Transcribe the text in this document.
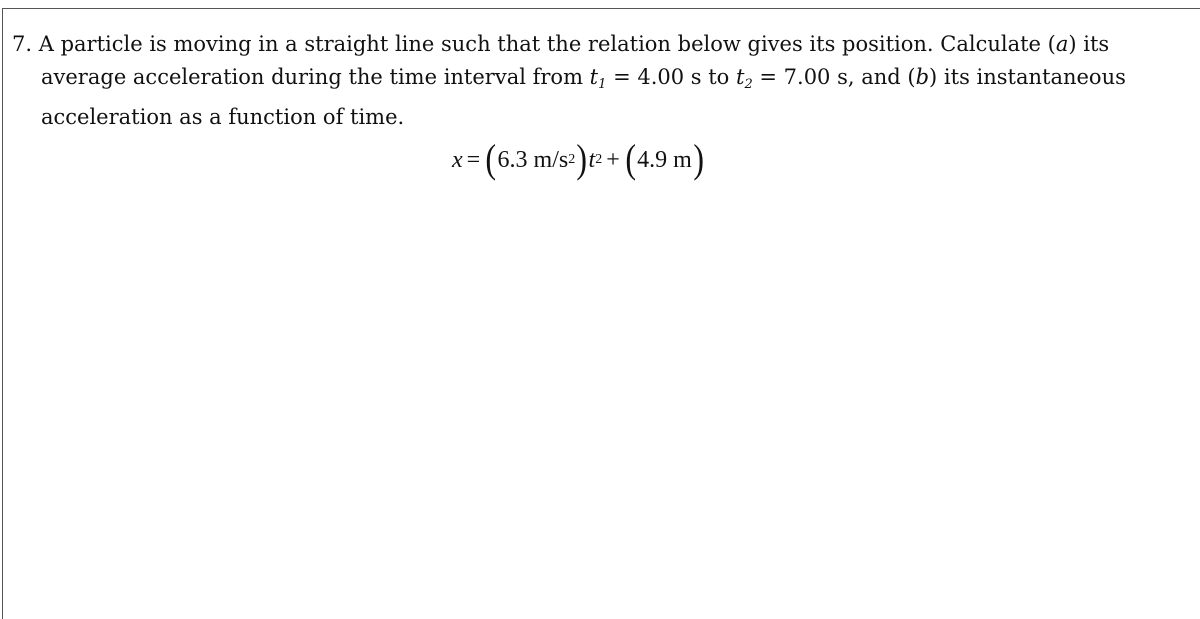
7. A particle is moving in a straight line such that the relation below gives its position. Calculate (a) its
average acceleration during the time interval from $t_1 = 4.00$ s to $t_2 = 7.00$ s, and (b) its instantaneous
acceleration as a function of time.
x = ( 6.3 m/s 2 ) t 2 + ( 4.9 m )
